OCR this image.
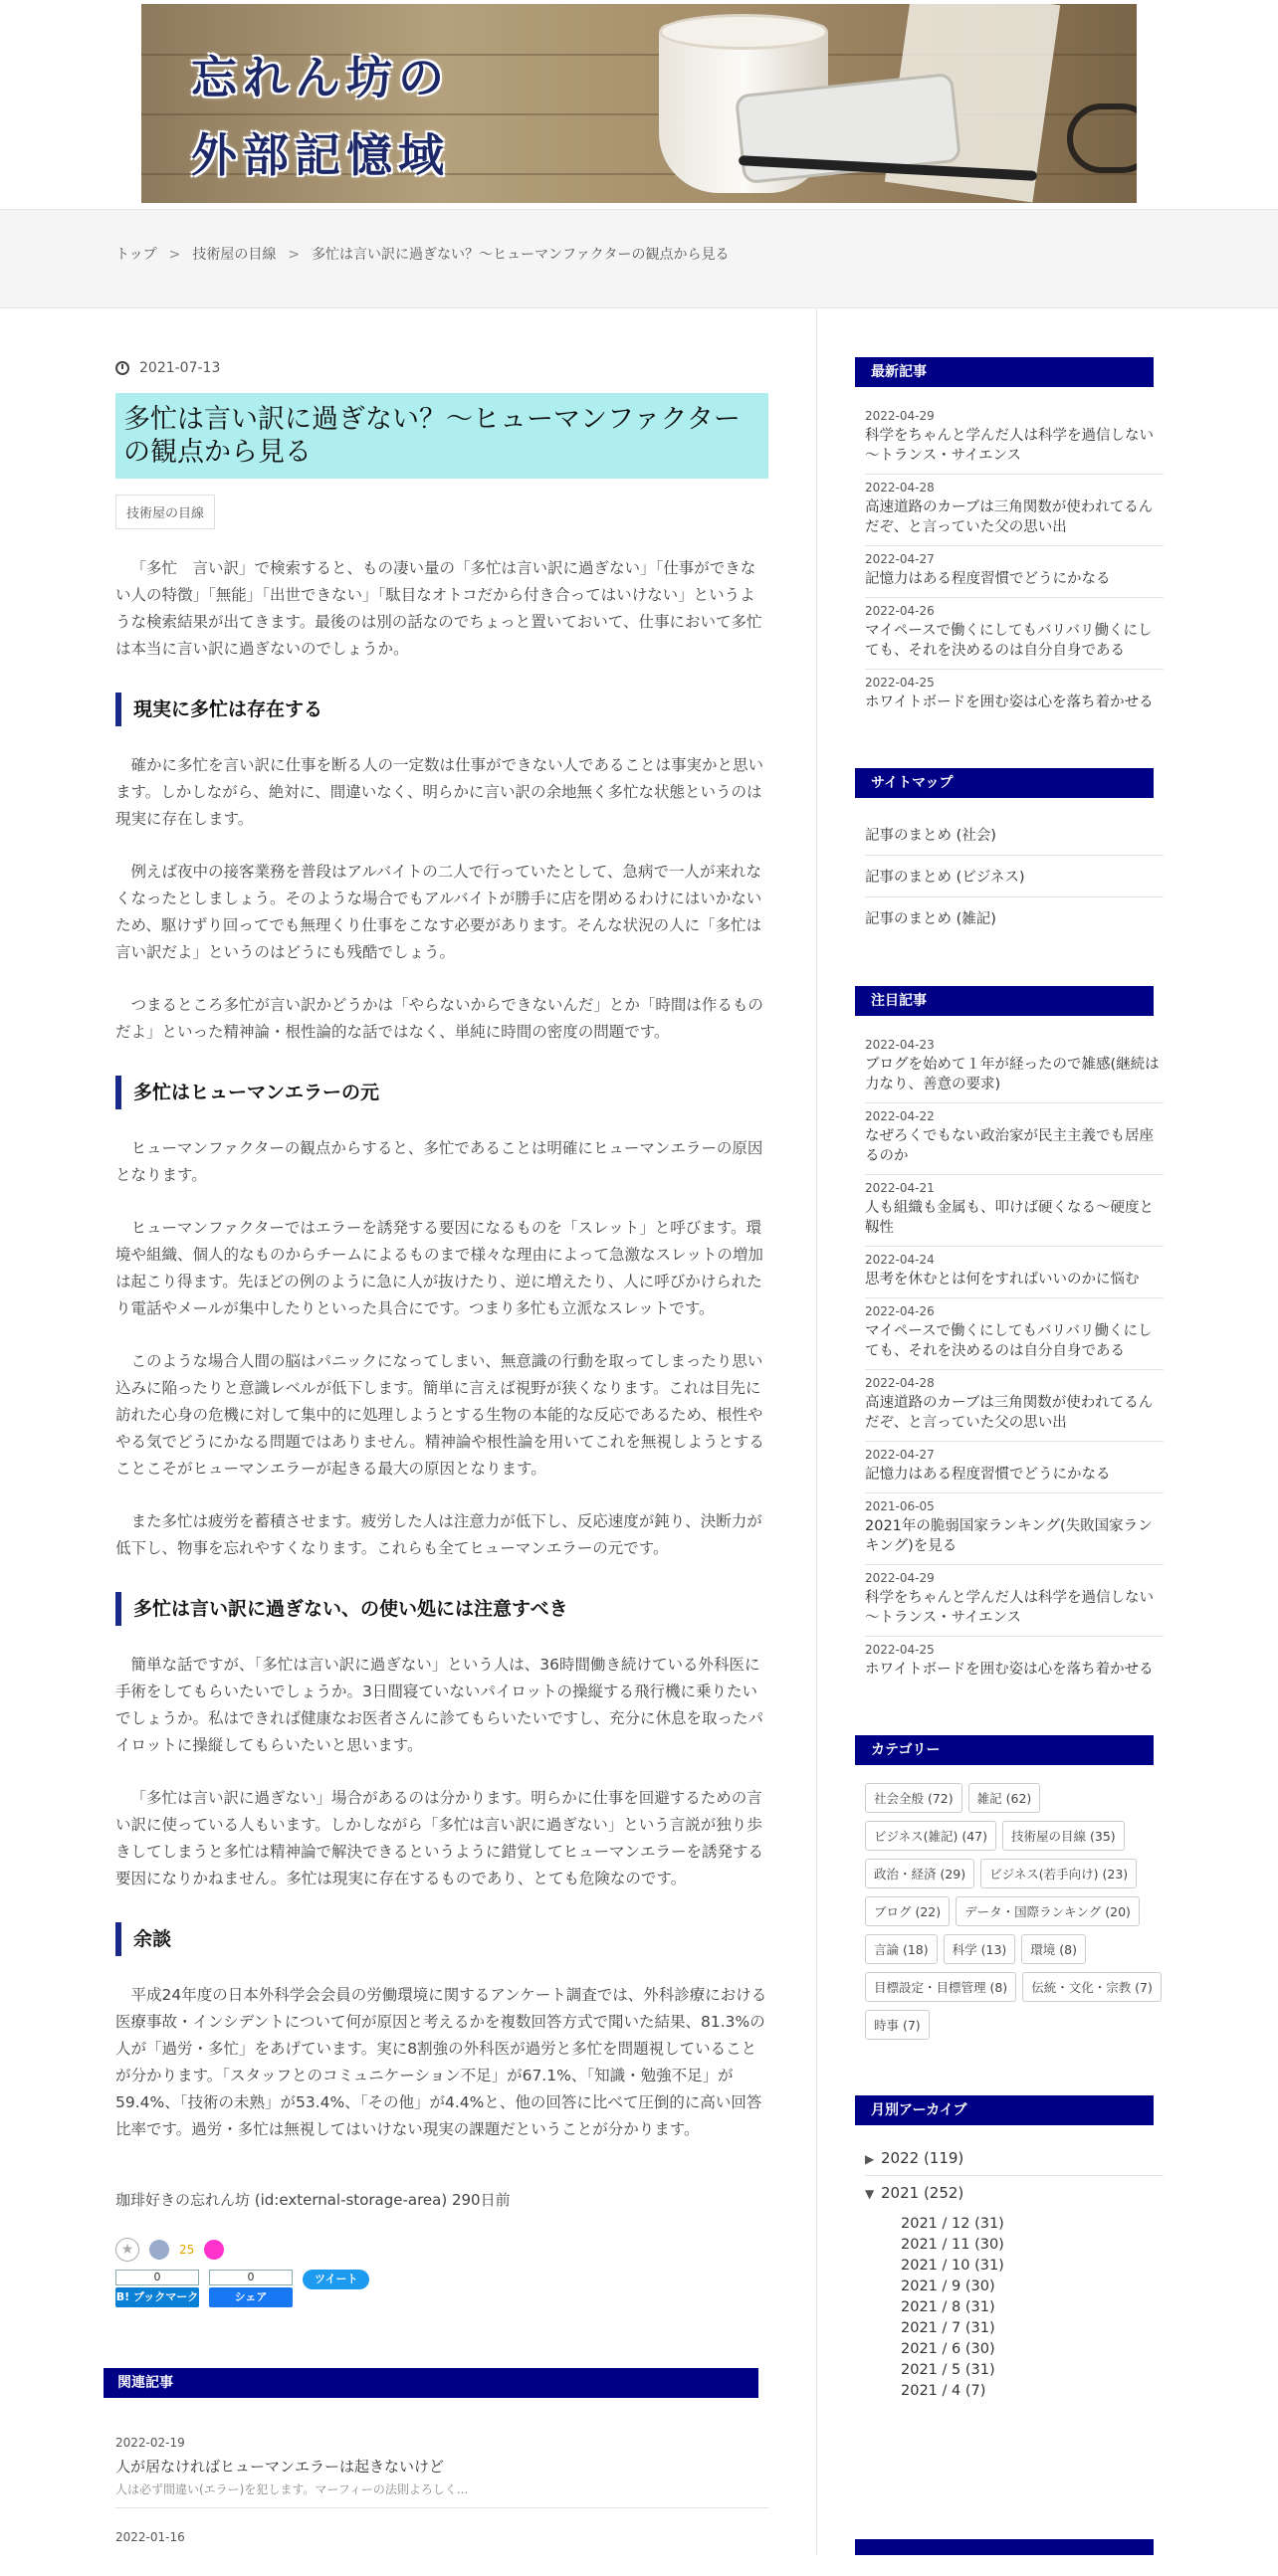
忘れん坊の
外部記憶域
トップ > 技術屋の目線 > 多忙は言い訳に過ぎない？～ヒューマンファクターの観点から見る
2021-07-13
多忙は言い訳に過ぎない？～ヒューマンファクターの観点から見る
技術屋の目線

「多忙　言い訳」で検索すると、もの凄い量の「多忙は言い訳に過ぎない」「仕事ができない人の特徴」「無能」「出世できない」「駄目なオトコだから付き合ってはいけない」というような検索結果が出てきます。最後のは別の話なのでちょっと置いておいて、仕事において多忙は本当に言い訳に過ぎないのでしょうか。

現実に多忙は存在する

確かに多忙を言い訳に仕事を断る人の一定数は仕事ができない人であることは事実かと思います。しかしながら、絶対に、間違いなく、明らかに言い訳の余地無く多忙な状態というのは現実に存在します。

例えば夜中の接客業務を普段はアルバイトの二人で行っていたとして、急病で一人が来れなくなったとしましょう。そのような場合でもアルバイトが勝手に店を閉めるわけにはいかないため、駆けずり回ってでも無理くり仕事をこなす必要があります。そんな状況の人に「多忙は言い訳だよ」というのはどうにも残酷でしょう。

つまるところ多忙が言い訳かどうかは「やらないからできないんだ」とか「時間は作るものだよ」といった精神論・根性論的な話ではなく、単純に時間の密度の問題です。

多忙はヒューマンエラーの元

ヒューマンファクターの観点からすると、多忙であることは明確にヒューマンエラーの原因となります。

ヒューマンファクターではエラーを誘発する要因になるものを「スレット」と呼びます。環境や組織、個人的なものからチームによるものまで様々な理由によって急激なスレットの増加は起こり得ます。先ほどの例のように急に人が抜けたり、逆に増えたり、人に呼びかけられたり電話やメールが集中したりといった具合にです。つまり多忙も立派なスレットです。

このような場合人間の脳はパニックになってしまい、無意識の行動を取ってしまったり思い込みに陥ったりと意識レベルが低下します。簡単に言えば視野が狭くなります。これは目先に訪れた心身の危機に対して集中的に処理しようとする生物の本能的な反応であるため、根性ややる気でどうにかなる問題ではありません。精神論や根性論を用いてこれを無視しようとすることこそがヒューマンエラーが起きる最大の原因となります。

また多忙は疲労を蓄積させます。疲労した人は注意力が低下し、反応速度が鈍り、決断力が低下し、物事を忘れやすくなります。これらも全てヒューマンエラーの元です。

多忙は言い訳に過ぎない、の使い処には注意すべき

簡単な話ですが、「多忙は言い訳に過ぎない」という人は、36時間働き続けている外科医に手術をしてもらいたいでしょうか。3日間寝ていないパイロットの操縦する飛行機に乗りたいでしょうか。私はできれば健康なお医者さんに診てもらいたいですし、充分に休息を取ったパイロットに操縦してもらいたいと思います。

「多忙は言い訳に過ぎない」場合があるのは分かります。明らかに仕事を回避するための言い訳に使っている人もいます。しかしながら「多忙は言い訳に過ぎない」という言説が独り歩きしてしまうと多忙は精神論で解決できるというように錯覚してヒューマンエラーを誘発する要因になりかねません。多忙は現実に存在するものであり、とても危険なのです。

余談

平成24年度の日本外科学会会員の労働環境に関するアンケート調査では、外科診療における医療事故・インシデントについて何が原因と考えるかを複数回答方式で聞いた結果、81.3%の人が「過労・多忙」をあげています。実に8割強の外科医が過労と多忙を問題視していることが分かります。「スタッフとのコミュニケーション不足」が67.1%、「知識・勉強不足」が59.4%、「技術の未熟」が53.4%、「その他」が4.4%と、他の回答に比べて圧倒的に高い回答比率です。過労・多忙は無視してはいけない現実の課題だということが分かります。

珈琲好きの忘れん坊 (id:external-storage-area) 290日前
★	25
0
B! ブックマーク
0
シェア
ツイート
関連記事
2022-02-19
人が居なければヒューマンエラーは起きないけど
人は必ず間違い(エラー)を犯します。マーフィーの法則よろしく...
2022-01-16
最新記事
2022-04-29
科学をちゃんと学んだ人は科学を過信しない～トランス・サイエンス
2022-04-28
高速道路のカーブは三角関数が使われてるんだぞ、と言っていた父の思い出
2022-04-27
記憶力はある程度習慣でどうにかなる
2022-04-26
マイペースで働くにしてもバリバリ働くにしても、それを決めるのは自分自身である
2022-04-25
ホワイトボードを囲む姿は心を落ち着かせる
サイトマップ
記事のまとめ (社会)
記事のまとめ (ビジネス)
記事のまとめ (雑記)
注目記事
2022-04-23
ブログを始めて１年が経ったので雑感(継続は力なり、善意の要求)
2022-04-22
なぜろくでもない政治家が民主主義でも居座るのか
2022-04-21
人も組織も金属も、叩けば硬くなる～硬度と靱性
2022-04-24
思考を休むとは何をすればいいのかに悩む
2022-04-26
マイペースで働くにしてもバリバリ働くにしても、それを決めるのは自分自身である
2022-04-28
高速道路のカーブは三角関数が使われてるんだぞ、と言っていた父の思い出
2022-04-27
記憶力はある程度習慣でどうにかなる
2021-06-05
2021年の脆弱国家ランキング(失敗国家ランキング)を見る
2022-04-29
科学をちゃんと学んだ人は科学を過信しない～トランス・サイエンス
2022-04-25
ホワイトボードを囲む姿は心を落ち着かせる
カテゴリー
社会全般 (72)	雑記 (62)
ビジネス(雑記) (47)	技術屋の目線 (35)
政治・経済 (29)	ビジネス(若手向け) (23)
ブログ (22)	データ・国際ランキング (20)
言論 (18)	科学 (13)	環境 (8)
目標設定・目標管理 (8)	伝統・文化・宗教 (7)
時事 (7)
月別アーカイブ
▶ 2022 (119)
▼ 2021 (252)
2021 / 12 (31)
2021 / 11 (30)
2021 / 10 (31)
2021 / 9 (30)
2021 / 8 (31)
2021 / 7 (31)
2021 / 6 (30)
2021 / 5 (31)
2021 / 4 (7)
